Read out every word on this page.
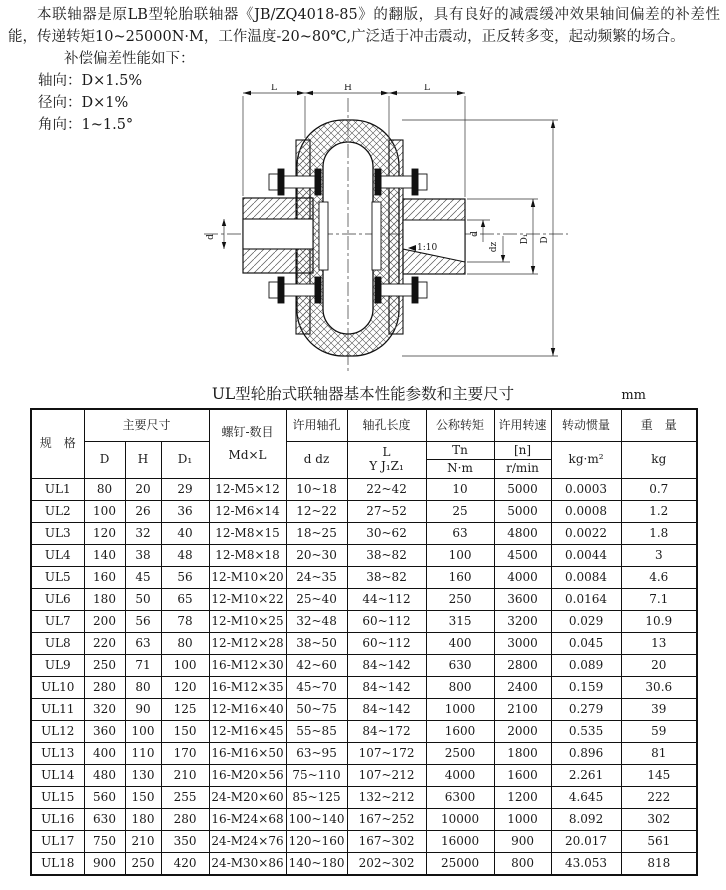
本联轴器是原LB型轮胎联轴器《JB/ZQ4018-85》的翻版，具有良好的减震缓冲效果轴间偏差的补差性能，传递转矩10~25000N·M，工作温度-20~80℃,广泛适于冲击震动，正反转多变，起动频繁的场合。

补偿偏差性能如下：
轴向：D×1.5%
径向：D×1%
角向：1~1.5°
1:10
L	H	L
d
d
dz
D₁ D
UL型轮胎式联轴器基本性能参数和主要尺寸	mm
规　格	主要尺寸			螺钉-数目
Md×L	许用轴孔	轴孔长度	公称转矩	许用转速	转动惯量	重　量
	D	H	D₁		d dz	L
Y J₁Z₁	Tn	[n]	kg·m²	kg
							N·m	r/min		
UL1	80	20	29	12-M5×12	10~18	22~42	10	5000	0.0003	0.7
UL2	100	26	36	12-M6×14	12~22	27~52	25	5000	0.0008	1.2
UL3	120	32	40	12-M8×15	18~25	30~62	63	4800	0.0022	1.8
UL4	140	38	48	12-M8×18	20~30	38~82	100	4500	0.0044	3
UL5	160	45	56	12-M10×20	24~35	38~82	160	4000	0.0084	4.6
UL6	180	50	65	12-M10×22	25~40	44~112	250	3600	0.0164	7.1
UL7	200	56	78	12-M10×25	32~48	60~112	315	3200	0.029	10.9
UL8	220	63	80	12-M12×28	38~50	60~112	400	3000	0.045	13
UL9	250	71	100	16-M12×30	42~60	84~142	630	2800	0.089	20
UL10	280	80	120	16-M12×35	45~70	84~142	800	2400	0.159	30.6
UL11	320	90	125	12-M16×40	50~75	84~142	1000	2100	0.279	39
UL12	360	100	150	12-M16×45	55~85	84~172	1600	2000	0.535	59
UL13	400	110	170	16-M16×50	63~95	107~172	2500	1800	0.896	81
UL14	480	130	210	16-M20×56	75~110	107~212	4000	1600	2.261	145
UL15	560	150	255	24-M20×60	85~125	132~212	6300	1200	4.645	222
UL16	630	180	280	16-M24×68	100~140	167~252	10000	1000	8.092	302
UL17	750	210	350	24-M24×76	120~160	167~302	16000	900	20.017	561
UL18	900	250	420	24-M30×86	140~180	202~302	25000	800	43.053	818
